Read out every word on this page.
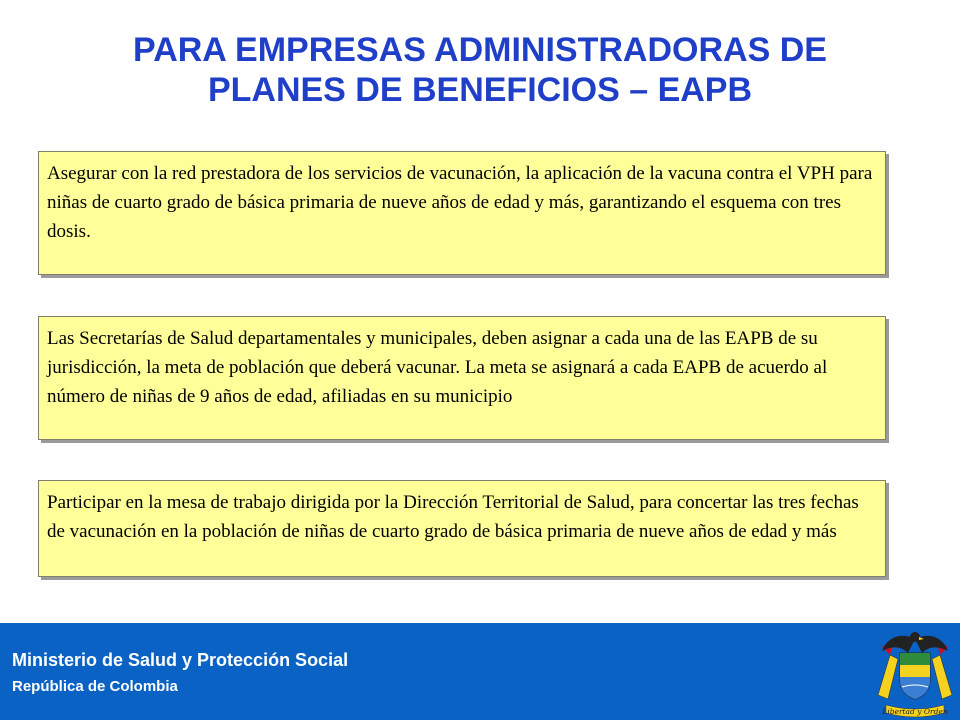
PARA EMPRESAS ADMINISTRADORAS DE
PLANES DE BENEFICIOS – EAPB
Asegurar con la red prestadora de los servicios de vacunación, la aplicación de la vacuna contra el VPH para niñas de cuarto grado de básica primaria de nueve años de edad y más, garantizando el esquema con tres dosis.
Las Secretarías de Salud departamentales y municipales, deben asignar a cada una de las EAPB de su jurisdicción, la meta de población que deberá vacunar. La meta se asignará a cada EAPB de acuerdo al número de niñas de 9 años de edad, afiliadas en su municipio
Participar en la mesa de trabajo dirigida por la Dirección Territorial de Salud, para concertar las tres fechas de vacunación en la población de niñas de cuarto grado de básica primaria de nueve años de edad y más
Ministerio de Salud y Protección Social
República de Colombia
Libertad y Orden
